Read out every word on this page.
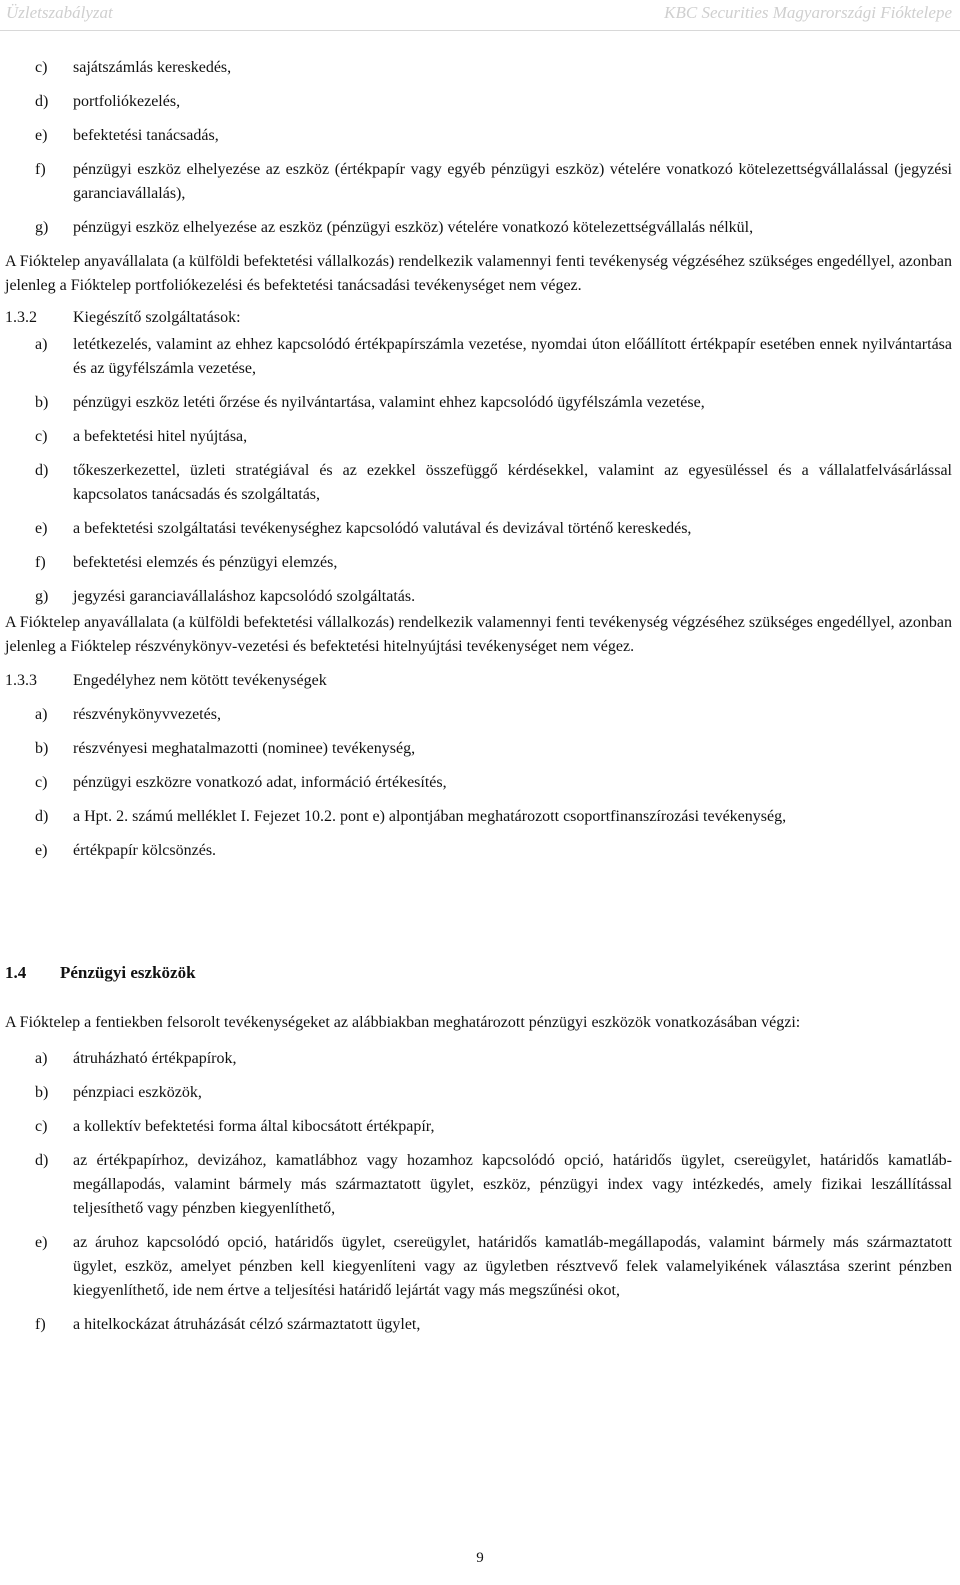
Üzletszabályzat	KBC Securities Magyarországi Fióktelepe
c) sajátszámlás kereskedés,
d) portfoliókezelés,
e) befektetési tanácsadás,
f) pénzügyi eszköz elhelyezése az eszköz (értékpapír vagy egyéb pénzügyi eszköz) vételére vonatkozó kötelezettségvállalással (jegyzési garanciavállalás),
g) pénzügyi eszköz elhelyezése az eszköz (pénzügyi eszköz) vételére vonatkozó kötelezettségvállalás nélkül,
A Fióktelep anyavállalata (a külföldi befektetési vállalkozás) rendelkezik valamennyi fenti tevékenység végzéséhez szükséges engedéllyel, azonban jelenleg a Fióktelep portfoliókezelési és befektetési tanácsadási tevékenységet nem végez.
1.3.2 Kiegészítő szolgáltatások:
a) letétkezelés, valamint az ehhez kapcsolódó értékpapírszámla vezetése, nyomdai úton előállított értékpapír esetében ennek nyilvántartása és az ügyfélszámla vezetése,
b) pénzügyi eszköz letéti őrzése és nyilvántartása, valamint ehhez kapcsolódó ügyfélszámla vezetése,
c) a befektetési hitel nyújtása,
d) tőkeszerkezettel, üzleti stratégiával és az ezekkel összefüggő kérdésekkel, valamint az egyesüléssel és a vállalatfelvásárlással kapcsolatos tanácsadás és szolgáltatás,
e) a befektetési szolgáltatási tevékenységhez kapcsolódó valutával és devizával történő kereskedés,
f) befektetési elemzés és pénzügyi elemzés,
g) jegyzési garanciavállaláshoz kapcsolódó szolgáltatás.
A Fióktelep anyavállalata (a külföldi befektetési vállalkozás) rendelkezik valamennyi fenti tevékenység végzéséhez szükséges engedéllyel, azonban jelenleg a Fióktelep részvénykönyv-vezetési és befektetési hitelnyújtási tevékenységet nem végez.
1.3.3 Engedélyhez nem kötött tevékenységek
a) részvénykönyvvezetés,
b) részvényesi meghatalmazotti (nominee) tevékenység,
c) pénzügyi eszközre vonatkozó adat, információ értékesítés,
d) a Hpt. 2. számú melléklet I. Fejezet 10.2. pont e) alpontjában meghatározott csoportfinanszírozási tevékenység,
e) értékpapír kölcsönzés.
1.4 Pénzügyi eszközök
A Fióktelep a fentiekben felsorolt tevékenységeket az alábbiakban meghatározott pénzügyi eszközök vonatkozásában végzi:
a) átruházható értékpapírok,
b) pénzpiaci eszközök,
c) a kollektív befektetési forma által kibocsátott értékpapír,
d) az értékpapírhoz, devizához, kamatlábhoz vagy hozamhoz kapcsolódó opció, határidős ügylet, csereügylet, határidős kamatláb-megállapodás, valamint bármely más származtatott ügylet, eszköz, pénzügyi index vagy intézkedés, amely fizikai leszállítással teljesíthető vagy pénzben kiegyenlíthető,
e) az áruhoz kapcsolódó opció, határidős ügylet, csereügylet, határidős kamatláb-megállapodás, valamint bármely más származtatott ügylet, eszköz, amelyet pénzben kell kiegyenlíteni vagy az ügyletben résztvevő felek valamelyikének választása szerint pénzben kiegyenlíthető, ide nem értve a teljesítési határidő lejártát vagy más megszűnési okot,
f) a hitelkockázat átruházását célzó származtatott ügylet,
9
